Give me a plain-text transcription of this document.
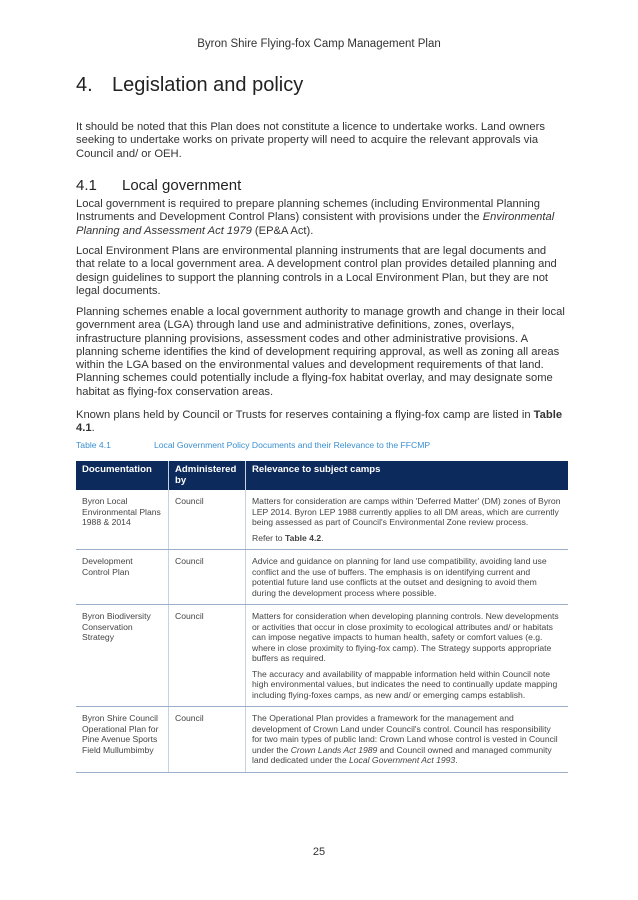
Byron Shire Flying-fox Camp Management Plan
4. Legislation and policy

It should be noted that this Plan does not constitute a licence to undertake works. Land owners seeking to undertake works on private property will need to acquire the relevant approvals via Council and/ or OEH.

4.1 Local government

Local government is required to prepare planning schemes (including Environmental Planning Instruments and Development Control Plans) consistent with provisions under the Environmental Planning and Assessment Act 1979 (EP&A Act).

Local Environment Plans are environmental planning instruments that are legal documents and that relate to a local government area. A development control plan provides detailed planning and design guidelines to support the planning controls in a Local Environment Plan, but they are not legal documents.

Planning schemes enable a local government authority to manage growth and change in their local government area (LGA) through land use and administrative definitions, zones, overlays, infrastructure planning provisions, assessment codes and other administrative provisions. A planning scheme identifies the kind of development requiring approval, as well as zoning all areas within the LGA based on the environmental values and development requirements of that land. Planning schemes could potentially include a flying-fox habitat overlay, and may designate some habitat as flying-fox conservation areas.

Known plans held by Council or Trusts for reserves containing a flying-fox camp are listed in Table 4.1.

Table 4.1	Local Government Policy Documents and their Relevance to the FFCMP
Documentation	Administered by	Relevance to subject camps
Byron Local Environmental Plans 1988 & 2014	Council	Matters for consideration are camps within 'Deferred Matter' (DM) zones of Byron LEP 2014. Byron LEP 1988 currently applies to all DM areas, which are currently being assessed as part of Council's Environmental Zone review process.

Refer to Table 4.2.

Development Control Plan	Council	Advice and guidance on planning for land use compatibility, avoiding land use conflict and the use of buffers. The emphasis is on identifying current and potential future land use conflicts at the outset and designing to avoid them during the development process where possible.

Byron Biodiversity Conservation Strategy	Council	Matters for consideration when developing planning controls. New developments or activities that occur in close proximity to ecological attributes and/ or habitats can impose negative impacts to human health, safety or comfort values (e.g. where in close proximity to flying-fox camp). The Strategy supports appropriate buffers as required.

The accuracy and availability of mappable information held within Council note high environmental values, but indicates the need to continually update mapping including flying-foxes camps, as new and/ or emerging camps establish.

Byron Shire Council Operational Plan for Pine Avenue Sports Field Mullumbimby	Council	The Operational Plan provides a framework for the management and development of Crown Land under Council's control. Council has responsibility for two main types of public land: Crown Land whose control is vested in Council under the Crown Lands Act 1989 and Council owned and managed community land dedicated under the Local Government Act 1993.

25
